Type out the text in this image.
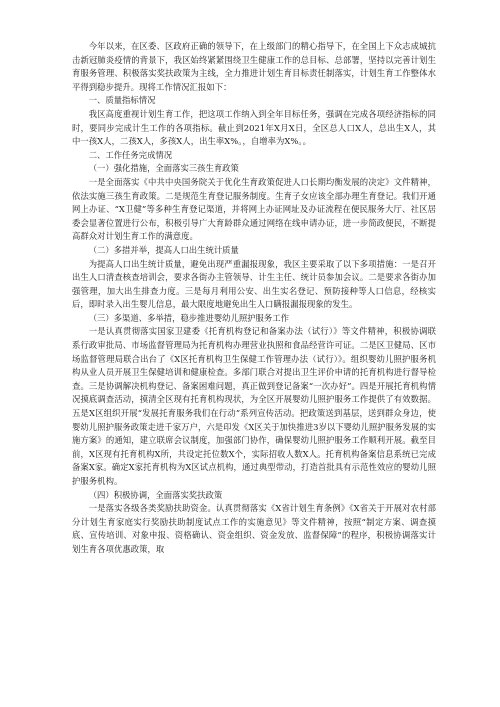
今年以来，在区委、区政府正确的领导下，在上级部门的精心指导下，在全国上下众志成城抗击新冠肺炎疫情的背景下，我区始终紧紧围绕卫生健康工作的总目标、总部署，坚持以完善计划生育服务管理、积极落实奖扶政策为主线，全力推进计划生育目标责任制落实，计划生育工作整体水平得到稳步提升。现将工作情况汇报如下：

一、质量指标情况

我区高度重视计划生育工作，把这项工作纳入到全年目标任务，强调在完成各项经济指标的同时，要同步完成计生工作的各项指标。截止到2021年X月X日，全区总人口X人，总出生X人，其中一孩X人，二孩X人，多孩X人，出生率X%。，自增率为X%。。

二、工作任务完成情况

（一）强化措施，全面落实三孩生育政策

一是全面落实《中共中央国务院关于优化生育政策促进人口长期均衡发展的决定》文件精神，依法实施三孩生育政策。二是规范生育登记服务制度。生育子女应该全部办理生育登记。我们开通网上办证、“X卫健”等多种生育登记渠道，并将网上办证网址及办证流程在便民服务大厅、社区居委会显著位置进行公布，积极引导广大育龄群众通过网络在线申请办证，进一步简政便民，不断提高群众对计划生育工作的满意度。

（二）多措并举，提高人口出生统计质量

为提高人口出生统计质量，避免出现严重漏报现象，我区主要采取了以下多项措施：一是召开出生人口清查核查培训会，要求各街办主管领导、计生主任、统计员参加会议。二是要求各街办加强管理，加大出生排查力度。三是每月利用公安、出生实名登记、预防接种等人口信息，经核实后，即时录入出生婴儿信息，最大限度地避免出生人口瞒报漏报现象的发生。

（三）多渠道、多举措，稳步推进婴幼儿照护服务工作

一是认真贯彻落实国家卫建委《托育机构登记和备案办法（试行）》等文件精神，积极协调联系行政审批局、市场监督管理局为托育机构办理营业执照和食品经营许可证。二是区卫健局、区市场监督管理局联合出台了《X区托育机构卫生保健工作管理办法（试行）》。组织婴幼儿照护服务机构从业人员开展卫生保健培训和健康检查。多部门联合对提出卫生评价申请的托育机构进行督导检查。三是协调解决机构登记、备案困难问题，真正做到登记备案“一次办好”。四是开展托育机构情况摸底调查活动，摸清全区现有托育机构现状，为全区开展婴幼儿照护服务工作提供了有效数据。五是X区组织开展“发展托育服务我们在行动”系列宣传活动。把政策送到基层，送到群众身边，使婴幼儿照护服务政策走进千家万户，六是印发《X区关于加快推进3岁以下婴幼儿照护服务发展的实施方案》的通知，建立联席会议制度，加强部门协作，确保婴幼儿照护服务工作顺利开展。截至目前，X区现有托育机构X所，共设定托位数X个，实际招收人数X人。托育机构备案信息系统已完成备案X家。确定X家托育机构为X区试点机构，通过典型带动，打造首批具有示范性效应的婴幼儿照护服务机构。

（四）积极协调，全面落实奖扶政策

一是落实各级各类奖励扶助资金。认真贯彻落实《X省计划生育条例》《X省关于开展对农村部分计划生育家庭实行奖励扶助制度试点工作的实施意见》等文件精神，按照“制定方案、调查摸底、宣传培训、对象申报、资格确认、资金组织、资金发放、监督保障”的程序，积极协调落实计划生育各项优惠政策，取
